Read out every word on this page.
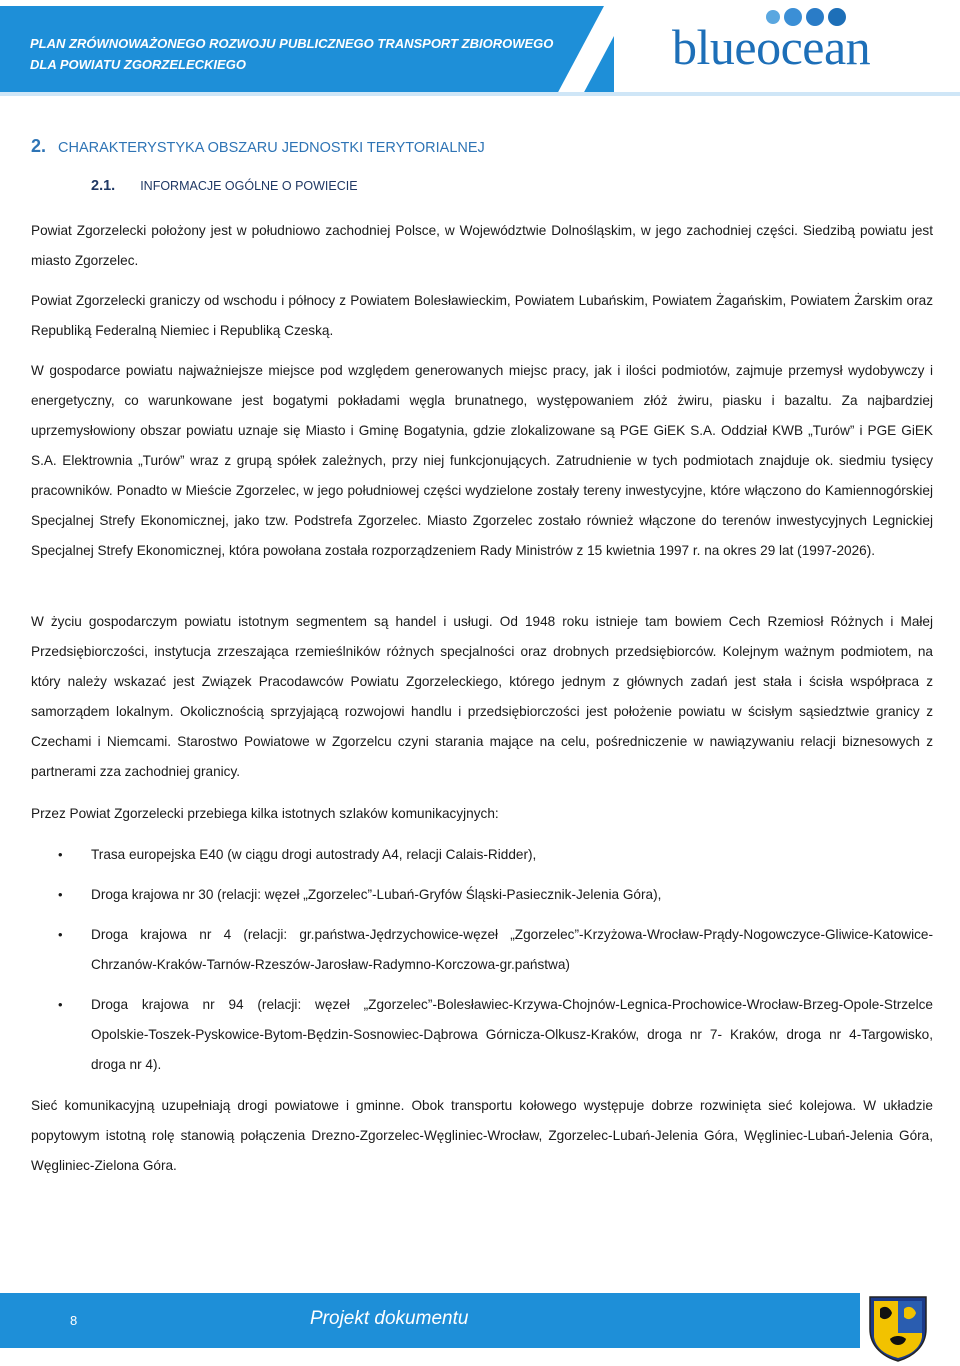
PLAN ZRÓWNOWAŻONEGO ROZWOJU PUBLICZNEGO TRANSPORT ZBIOROWEGO
DLA POWIATU ZGORZELECKIEGO	blueocean
2. CHARAKTERYSTYKA OBSZARU JEDNOSTKI TERYTORIALNEJ
2.1. INFORMACJE OGÓLNE O POWIECIE

Powiat Zgorzelecki położony jest w południowo zachodniej Polsce, w Województwie Dolnośląskim, w jego zachodniej części. Siedzibą powiatu jest miasto Zgorzelec.

Powiat Zgorzelecki graniczy od wschodu i północy z Powiatem Bolesławieckim, Powiatem Lubańskim, Powiatem Żagańskim, Powiatem Żarskim oraz Republiką Federalną Niemiec i Republiką Czeską.

W gospodarce powiatu najważniejsze miejsce pod względem generowanych miejsc pracy, jak i ilości podmiotów, zajmuje przemysł wydobywczy i energetyczny, co warunkowane jest bogatymi pokładami węgla brunatnego, występowaniem złóż żwiru, piasku i bazaltu. Za najbardziej uprzemysłowiony obszar powiatu uznaje się Miasto i Gminę Bogatynia, gdzie zlokalizowane są PGE GiEK S.A. Oddział KWB „Turów” i PGE GiEK S.A. Elektrownia „Turów” wraz z grupą spółek zależnych, przy niej funkcjonujących. Zatrudnienie w tych podmiotach znajduje ok. siedmiu tysięcy pracowników. Ponadto w Mieście Zgorzelec, w jego południowej części wydzielone zostały tereny inwestycyjne, które włączono do Kamiennogórskiej Specjalnej Strefy Ekonomicznej, jako tzw. Podstrefa Zgorzelec. Miasto Zgorzelec zostało również włączone do terenów inwestycyjnych Legnickiej Specjalnej Strefy Ekonomicznej, która powołana została rozporządzeniem Rady Ministrów z 15 kwietnia 1997 r. na okres 29 lat (1997-2026).

W życiu gospodarczym powiatu istotnym segmentem są handel i usługi. Od 1948 roku istnieje tam bowiem Cech Rzemiosł Różnych i Małej Przedsiębiorczości, instytucja zrzeszająca rzemieślników różnych specjalności oraz drobnych przedsiębiorców. Kolejnym ważnym podmiotem, na który należy wskazać jest Związek Pracodawców Powiatu Zgorzeleckiego, którego jednym z głównych zadań jest stała i ścisła współpraca z samorządem lokalnym. Okolicznością sprzyjającą rozwojowi handlu i przedsiębiorczości jest położenie powiatu w ścisłym sąsiedztwie granicy z Czechami i Niemcami. Starostwo Powiatowe w Zgorzelcu czyni starania mające na celu, pośredniczenie w nawiązywaniu relacji biznesowych z partnerami zza zachodniej granicy.

Przez Powiat Zgorzelecki przebiega kilka istotnych szlaków komunikacyjnych:

• Trasa europejska E40 (w ciągu drogi autostrady A4, relacji Calais-Ridder),
• Droga krajowa nr 30 (relacji: węzeł „Zgorzelec”-Lubań-Gryfów Śląski-Pasiecznik-Jelenia Góra),
• Droga krajowa nr 4 (relacji: gr.państwa-Jędrzychowice-węzeł „Zgorzelec”-Krzyżowa-Wrocław-Prądy-Nogowczyce-Gliwice-Katowice-Chrzanów-Kraków-Tarnów-Rzeszów-Jarosław-Radymno-Korczowa-gr.państwa)
• Droga krajowa nr 94 (relacji: węzeł „Zgorzelec”-Bolesławiec-Krzywa-Chojnów-Legnica-Prochowice-Wrocław-Brzeg-Opole-Strzelce Opolskie-Toszek-Pyskowice-Bytom-Będzin-Sosnowiec-Dąbrowa Górnicza-Olkusz-Kraków, droga nr 7- Kraków, droga nr 4-Targowisko, droga nr 4).

Sieć komunikacyjną uzupełniają drogi powiatowe i gminne. Obok transportu kołowego występuje dobrze rozwinięta sieć kolejowa. W układzie popytowym istotną rolę stanowią połączenia Drezno-Zgorzelec-Węgliniec-Wrocław, Zgorzelec-Lubań-Jelenia Góra, Węgliniec-Lubań-Jelenia Góra, Węgliniec-Zielona Góra.

8	Projekt dokumentu
